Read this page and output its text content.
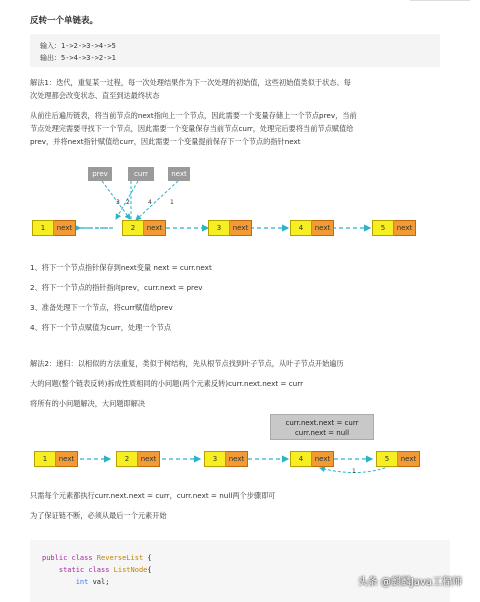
反转一个单链表。
输入：1->2->3->4->5
输出：5->4->3->2->1
解法1：迭代，重复某一过程，每一次处理结果作为下一次处理的初始值，这些初始值类似于状态、每
次处理都会改变状态、直至到达最终状态
从前往后遍历链表，将当前节点的next指向上一个节点，因此需要一个变量存储上一个节点prev，当前
节点处理完需要寻找下一个节点，因此需要一个变量保存当前节点curr，处理完后要将当前节点赋值给
prev，并将next指针赋值给curr，因此需要一个变量提前保存下一个节点的指针next
prev	curr	next
3 2	4	1
1	next	2	next	3	next	4	next	5	next
1、将下一个节点指针保存到next变量 next = curr.next
2、将下一个节点的指针指向prev，curr.next = prev
3、准备处理下一个节点，将curr赋值给prev
4、将下一个节点赋值为curr，处理一个节点
解法2：递归：以相似的方法重复，类似于树结构，先从根节点找到叶子节点，从叶子节点开始遍历
大的问题(整个链表反转)拆成性质相同的小问题(两个元素反转)curr.next.next = curr
将所有的小问题解决，大问题即解决
curr.next.next = curr
curr.next = null
1
1	next	2	next	3	next	4	next	5	next
只需每个元素都执行curr.next.next = curr，curr.next = null两个步骤即可
为了保证链不断，必须从最后一个元素开始
public class ReverseList {
static class ListNode{
int val;	头条 @麒麟Java工程师
